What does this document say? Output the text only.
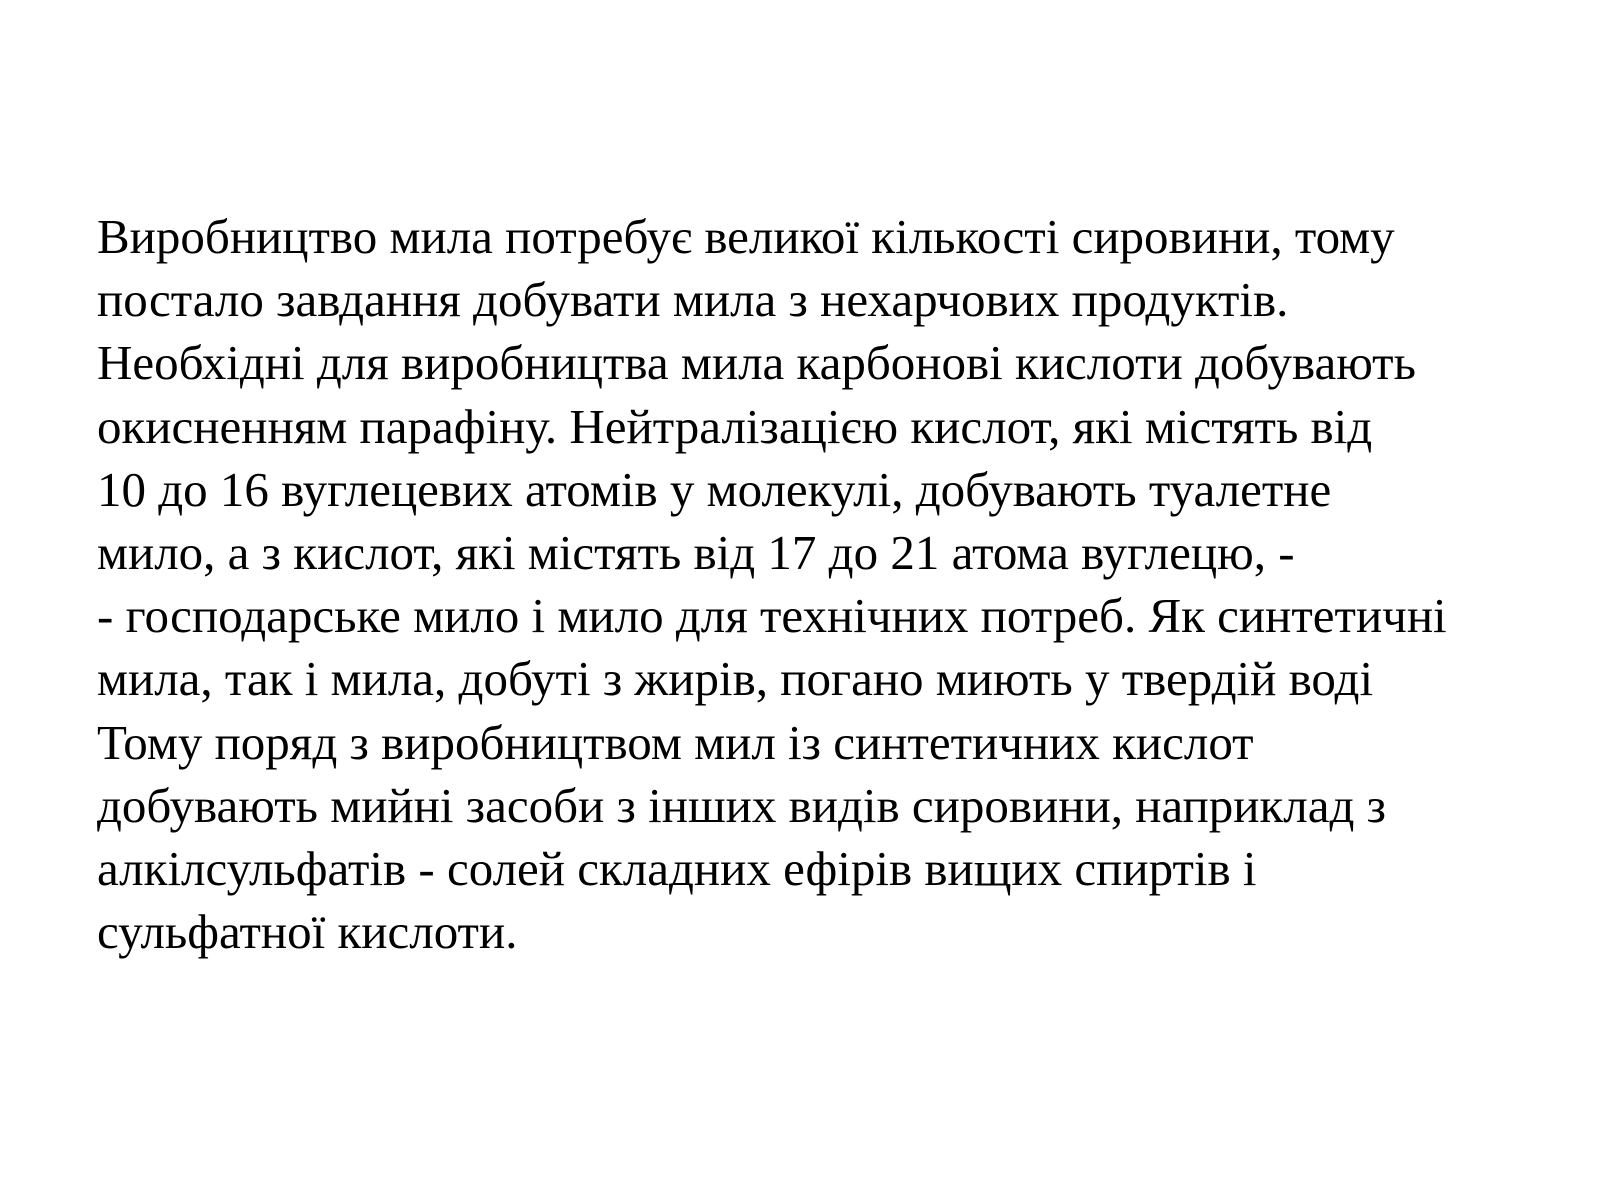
Виробництво мила потребує великої кількості сировини, тому
постало завдання добувати мила з нехарчових продуктів.
Необхідні для виробництва мила карбонові кислоти добувають
окисненням парафіну. Нейтралізацією кислот, які містять від
10 до 16 вуглецевих атомів у молекулі, добувають туалетне
мило, а з кислот, які містять від 17 до 21 атома вуглецю, -
- господарське мило і мило для технічних потреб. Як синтетичні
мила, так і мила, добуті з жирів, погано миють у твердій воді
Тому поряд з виробництвом мил із синтетичних кислот
добувають мийні засоби з інших видів сировини, наприклад з
алкілсульфатів - солей складних ефірів вищих спиртів і
сульфатної кислоти.
